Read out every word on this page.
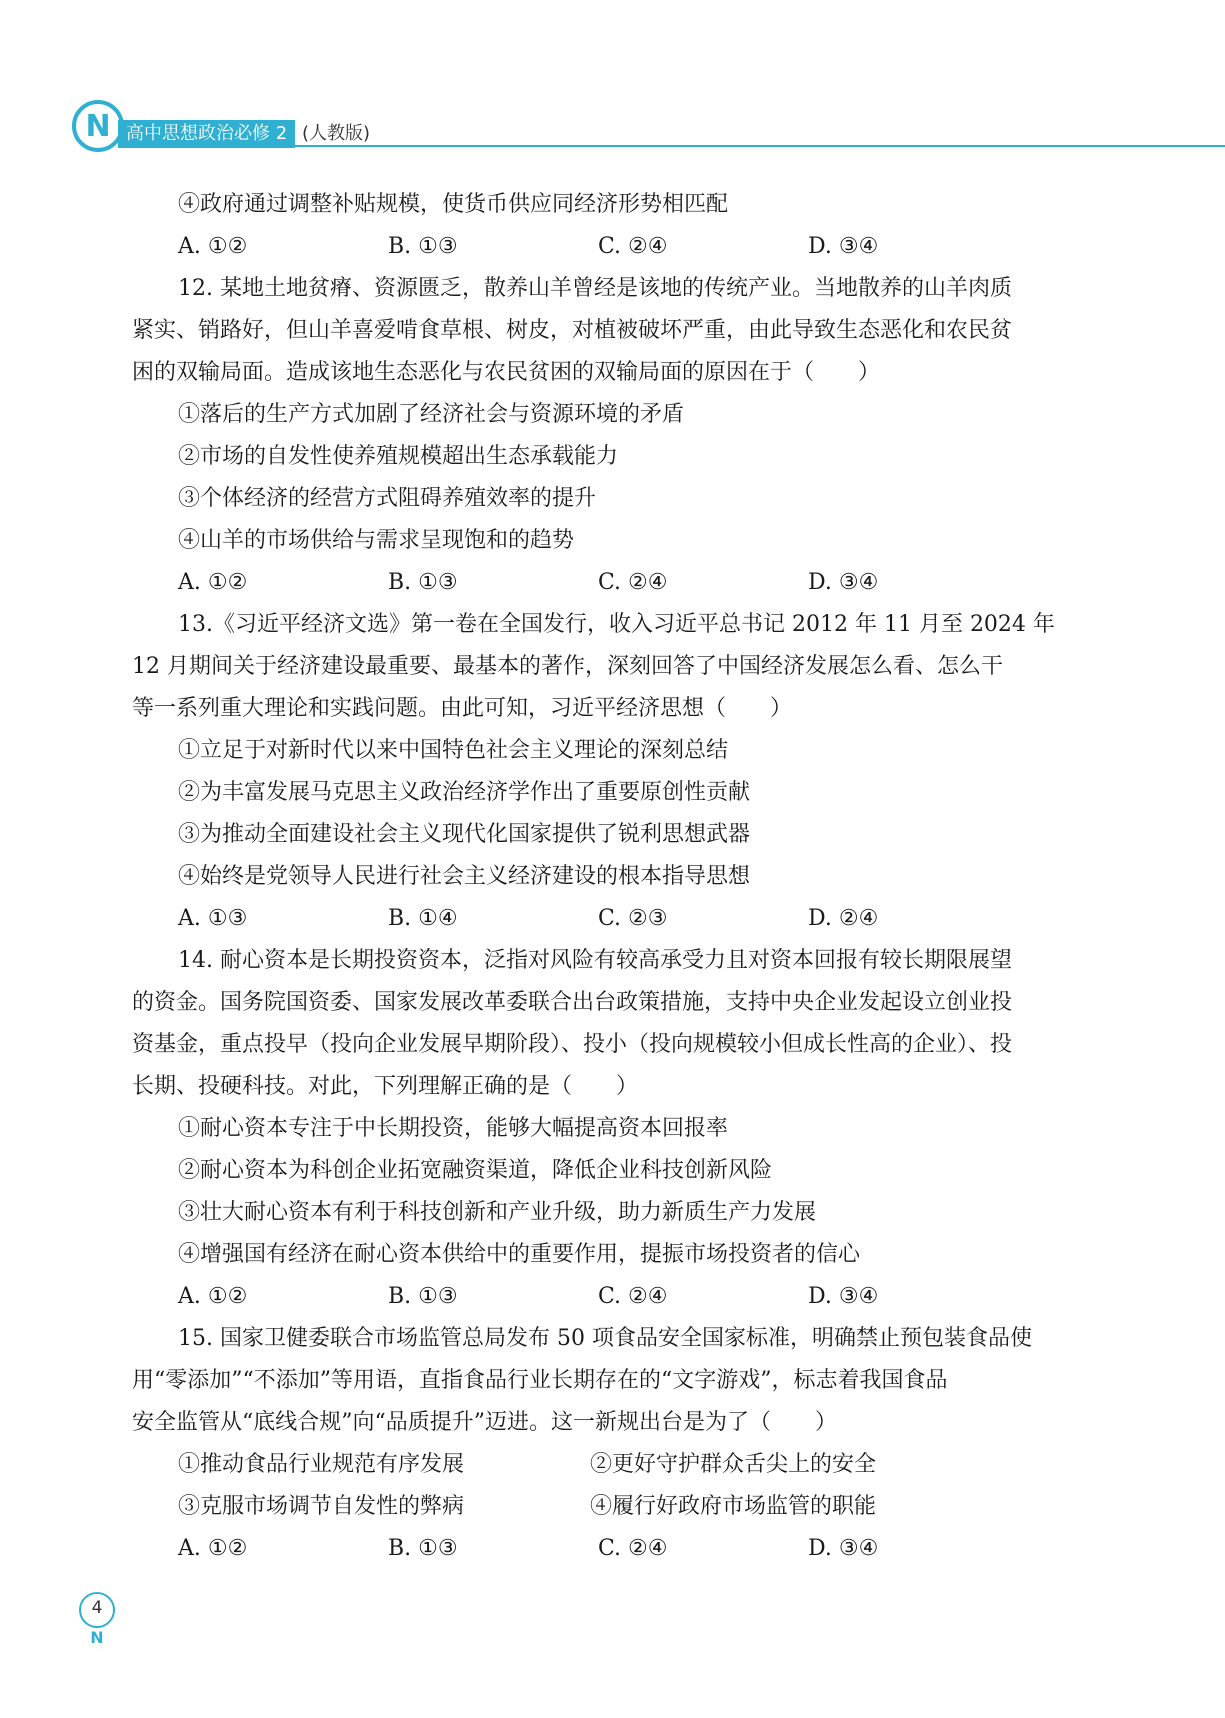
N 高中思想政治必修 2 (人教版)
④政府通过调整补贴规模，使货币供应同经济形势相匹配
A. ①②	B. ①③	C. ②④	D. ③④
12. 某地土地贫瘠、资源匮乏，散养山羊曾经是该地的传统产业。当地散养的山羊肉质
紧实、销路好，但山羊喜爱啃食草根、树皮，对植被破坏严重，由此导致生态恶化和农民贫
困的双输局面。造成该地生态恶化与农民贫困的双输局面的原因在于（　　）
①落后的生产方式加剧了经济社会与资源环境的矛盾
②市场的自发性使养殖规模超出生态承载能力
③个体经济的经营方式阻碍养殖效率的提升
④山羊的市场供给与需求呈现饱和的趋势
A. ①②	B. ①③	C. ②④	D. ③④
13.《习近平经济文选》第一卷在全国发行，收入习近平总书记 2012 年 11 月至 2024 年
12 月期间关于经济建设最重要、最基本的著作，深刻回答了中国经济发展怎么看、怎么干
等一系列重大理论和实践问题。由此可知，习近平经济思想（　　）
①立足于对新时代以来中国特色社会主义理论的深刻总结
②为丰富发展马克思主义政治经济学作出了重要原创性贡献
③为推动全面建设社会主义现代化国家提供了锐利思想武器
④始终是党领导人民进行社会主义经济建设的根本指导思想
A. ①③	B. ①④	C. ②③	D. ②④
14. 耐心资本是长期投资资本，泛指对风险有较高承受力且对资本回报有较长期限展望
的资金。国务院国资委、国家发展改革委联合出台政策措施，支持中央企业发起设立创业投
资基金，重点投早（投向企业发展早期阶段）、投小（投向规模较小但成长性高的企业）、投
长期、投硬科技。对此，下列理解正确的是（　　）
①耐心资本专注于中长期投资，能够大幅提高资本回报率
②耐心资本为科创企业拓宽融资渠道，降低企业科技创新风险
③壮大耐心资本有利于科技创新和产业升级，助力新质生产力发展
④增强国有经济在耐心资本供给中的重要作用，提振市场投资者的信心
A. ①②	B. ①③	C. ②④	D. ③④
15. 国家卫健委联合市场监管总局发布 50 项食品安全国家标准，明确禁止预包装食品使
用“零添加”“不添加”等用语，直指食品行业长期存在的“文字游戏”，标志着我国食品
安全监管从“底线合规”向“品质提升”迈进。这一新规出台是为了（　　）
①推动食品行业规范有序发展	②更好守护群众舌尖上的安全
③克服市场调节自发性的弊病	④履行好政府市场监管的职能
A. ①②	B. ①③	C. ②④	D. ③④
N
4
